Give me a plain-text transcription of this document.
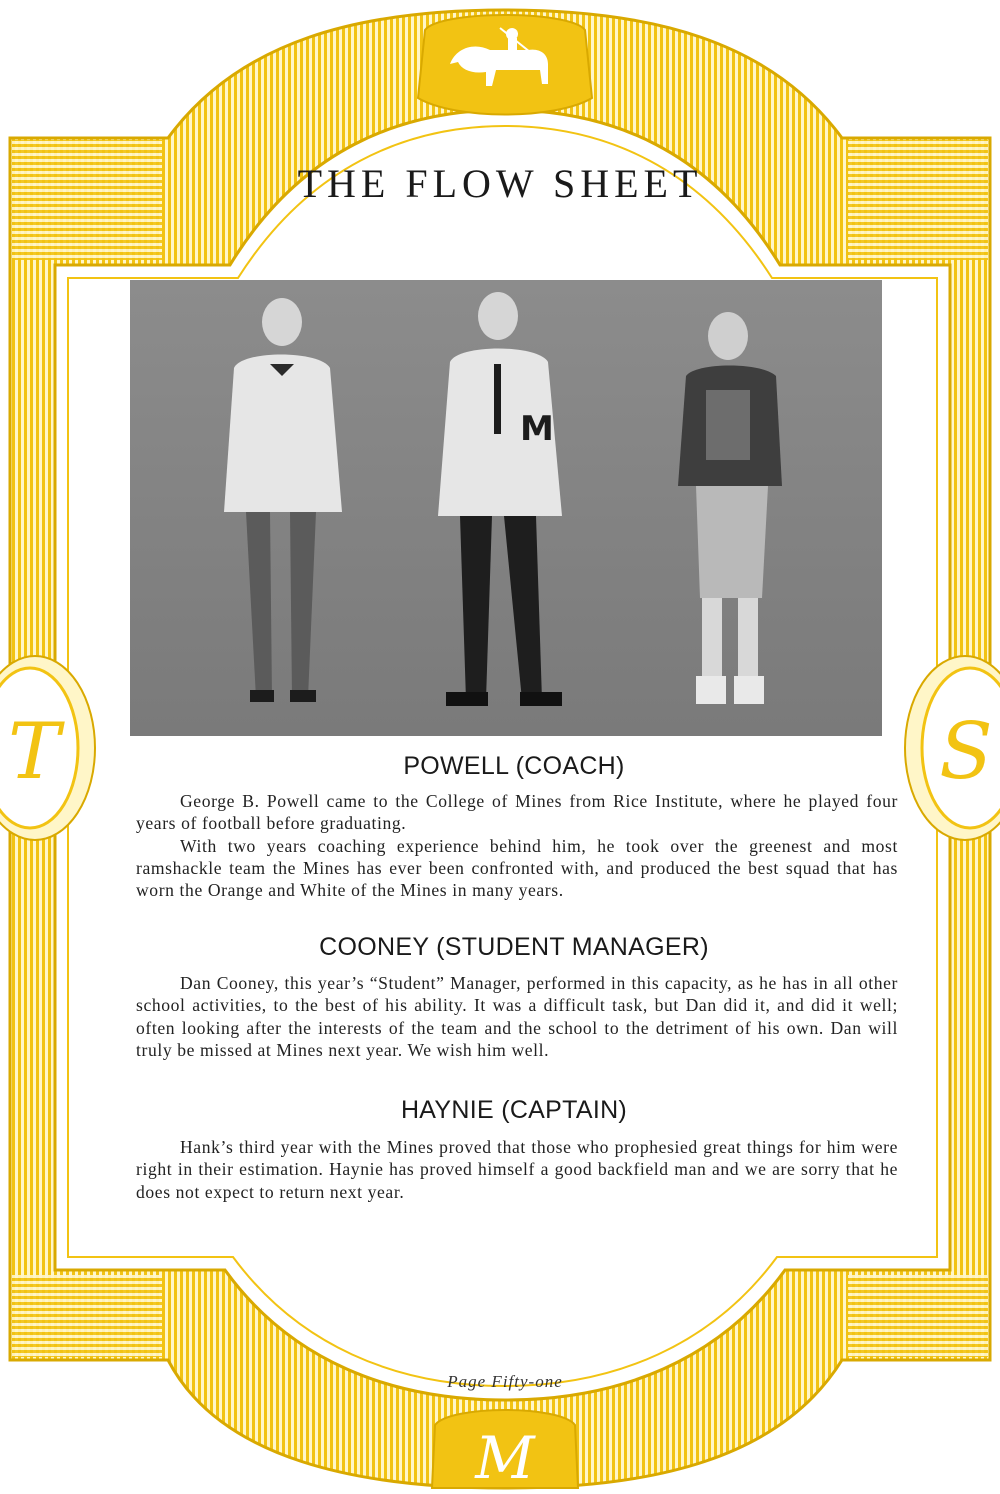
M
T	S
THE FLOW SHEET
M
POWELL (COACH)

George B. Powell came to the College of Mines from Rice Institute, where he played four years of football before graduating.

With two years coaching experience behind him, he took over the greenest and most ramshackle team the Mines has ever been confronted with, and produced the best squad that has worn the Orange and White of the Mines in many years.

COONEY (STUDENT MANAGER)

Dan Cooney, this year’s “Student” Manager, performed in this capacity, as he has in all other school activities, to the best of his ability. It was a difficult task, but Dan did it, and did it well; often looking after the interests of the team and the school to the detriment of his own. Dan will truly be missed at Mines next year. We wish him well.

HAYNIE (CAPTAIN)

Hank’s third year with the Mines proved that those who prophesied great things for him were right in their estimation. Haynie has proved himself a good backfield man and we are sorry that he does not expect to return next year.

Page Fifty-one
